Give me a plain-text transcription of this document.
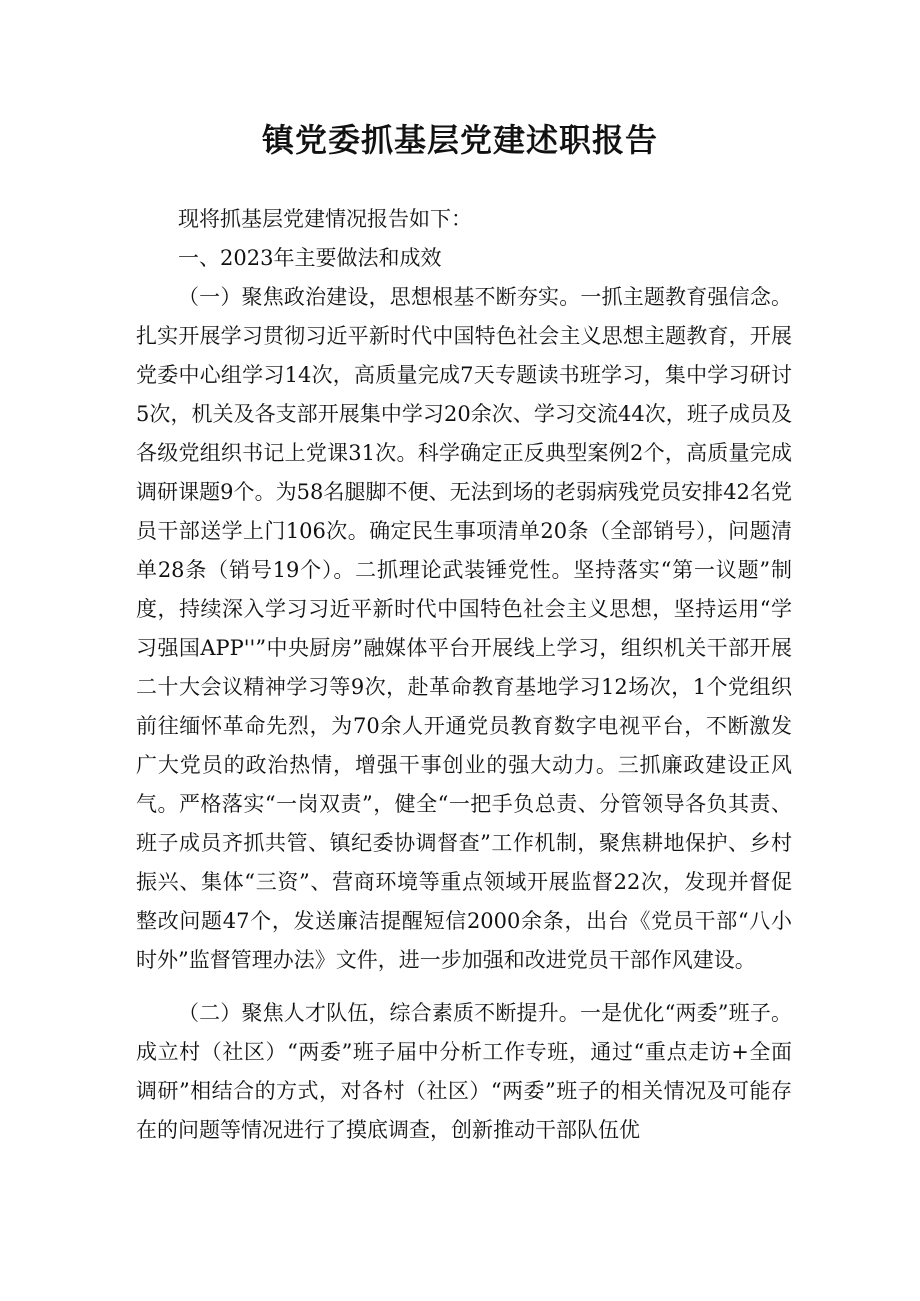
镇党委抓基层党建述职报告

现将抓基层党建情况报告如下：

一、2023年主要做法和成效

（一）聚焦政治建设，思想根基不断夯实。一抓主题教育强信念。扎实开展学习贯彻习近平新时代中国特色社会主义思想主题教育，开展党委中心组学习14次，高质量完成7天专题读书班学习，集中学习研讨5次，机关及各支部开展集中学习20余次、学习交流44次，班子成员及各级党组织书记上党课31次。科学确定正反典型案例2个，高质量完成调研课题9个。为58名腿脚不便、无法到场的老弱病残党员安排42名党员干部送学上门106次。确定民生事项清单20条（全部销号），问题清单28条（销号19个）。二抓理论武装锤党性。坚持落实“第一议题”制度，持续深入学习习近平新时代中国特色社会主义思想，坚持运用“学习强国APP''”中央厨房”融媒体平台开展线上学习，组织机关干部开展二十大会议精神学习等9次，赴革命教育基地学习12场次，1个党组织前往缅怀革命先烈，为70余人开通党员教育数字电视平台，不断激发广大党员的政治热情，增强干事创业的强大动力。三抓廉政建设正风气。严格落实“一岗双责”，健全“一把手负总责、分管领导各负其责、班子成员齐抓共管、镇纪委协调督查”工作机制，聚焦耕地保护、乡村振兴、集体“三资”、营商环境等重点领域开展监督22次，发现并督促整改问题47个，发送廉洁提醒短信2000余条，出台《党员干部“八小时外”监督管理办法》文件，进一步加强和改进党员干部作风建设。

（二）聚焦人才队伍，综合素质不断提升。一是优化“两委”班子。成立村（社区）“两委”班子届中分析工作专班，通过“重点走访+全面调研”相结合的方式，对各村（社区）“两委”班子的相关情况及可能存在的问题等情况进行了摸底调查，创新推动干部队伍优
